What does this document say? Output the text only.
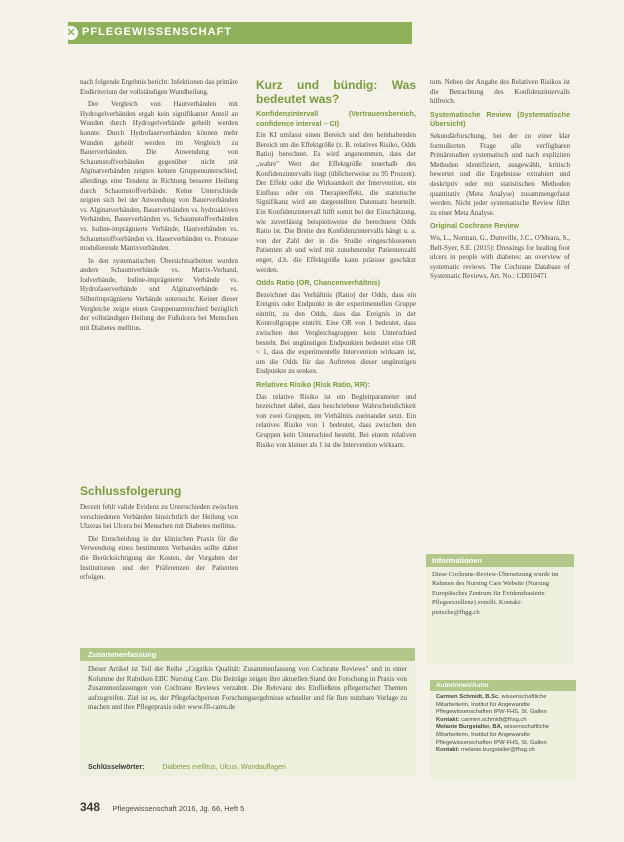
✕ PFLEGEWISSENSCHAFT

nach folgende Ergebnis bericht: Infektionen das primäre Endkriterium der vollständigen Wundheilung.

Der Vergleich von Hautverbänden mit Hydrogelverbänden ergab kein signifikanter Anteil an Wunden durch Hydrogelverbände geheilt werden konnte. Durch Hydrofaserverbänden können mehr Wunden geheilt werden im Vergleich zu Bauerverbänden. Die Anwendung von Schaumstoffverbänden gegenüber nicht mit Alginatverbänden zeigten keinen Gruppenunterschied, allerdings eine Tendenz in Richtung besserer Heilung durch Schaumstoffverbände. Keine Unterschiede zeigten sich bei der Anwendung von Bauerverbänden vs. Alginatverbänden, Bauerverbänden vs. hydroaktiven Verbänden, Bauerverbänden vs. Schaumstoffverbänden vs. Iodine-imprägnierte Verbände, Hautverbänden vs. Schaumstoffverbänden vs. Hauerverbänden vs. Protease modulierende Matrixverbänden.

In den systematischen Übersichtsarbeiten wurden andere Schaumverbände vs. Matrix-Verband, Iodverbände, Iodine-imprägnierte Verbände vs. Hydrofaserverbände und Alginatverbände vs. Silberimprägnierte Verbände untersucht. Keiner dieser Vergleiche zeigte einen Gruppenunterschied bezüglich der vollständigen Heilung der Fußulcera bei Menschen mit Diabetes mellitus.

Schlussfolgerung

Derzeit fehlt valide Evidenz zu Unterschieden zwischen verschiedenen Verbänden hinsichtlich der Heilung von Ulzeras bei Ulcera bei Menschen mit Diabetes mellitus.

Die Entscheidung in der klinischen Praxis für die Verwendung eines bestimmten Verbandes sollte daher die Berücksichtigung der Kosten, der Vorgaben der Institutionen und der Präferenzen der Patienten erfolgen.

Kurz und bündig: Was bedeutet was?

Konfidenzintervall (Vertrauensbereich, confidence interval – CI)

Ein KI umfasst einen Bereich und den beinhaltenden Bereich um die Effektgröße (z. B. relatives Risiko, Odds Ratio) berechnet. Es wird angenommen, dass der „wahre" Wert der Effektgröße innerhalb des Konfidenzintervalls liegt (üblicherweise zu 95 Prozent). Der Effekt oder die Wirksamkeit der Intervention, ein Einfluss oder ein Therapieeffekt, die statistische Signifikanz wird am dargestellten Datensatz beurteilt. Ein Konfidenzintervall hilft somit bei der Einschätzung, wie zuverlässig beispielsweise die berechnete Odds Ratio ist. Die Breite des Konfidenzintervalls hängt u. a. von der Zahl der in die Studie eingeschlossenen Patienten ab und wird mit zunehmender Patientenzahl enger, d.h. die Effektgröße kann präziser geschätzt werden.

Odds Ratio (OR, Chancenverhältnis)

Bezeichnet das Verhältnis (Ratio) der Odds, dass ein Ereignis oder Endpunkt in der experimentellen Gruppe eintritt, zu den Odds, dass das Ereignis in der Kontrollgruppe eintritt. Eine OR von 1 bedeutet, dass zwischen den Vergleichsgruppen kein Unterschied besteht. Bei ungünstigen Endpunkten bedeutet eine OR < 1, dass die experimentelle Intervention wirksam ist, um die Odds für das Auftreten dieser ungünstigen Endpunkte zu senken.

Relatives Risiko (Risk Ratio, RR):

Das relative Risiko ist ein Begleitparameter und bezeichnet dabei, dass beschriebene Wahrscheinlichkeit von zwei Gruppen, im Verhältnis zueinander setzt. Ein relatives Risiko von 1 bedeutet, dass zwischen den Gruppen kein Unterschied besteht. Bei einem relativen Risiko von kleiner als 1 ist die Intervention wirksam.

tum. Neben der Angabe des Relativen Risikos ist die Betrachtung des Konfidenzintervalls hilfreich.

Systematische Review (Systematische Übersicht)

Sekundärforschung, bei der zu einer klar formulierten Frage alle verfügbaren Primärstudien systematisch und nach expliziten Methoden identifiziert, ausgewählt, kritisch bewertet und die Ergebnisse extrahiert und deskriptiv oder mit statistischen Methoden quantitativ (Meta Analyse) zusammengefasst werden. Nicht jeder systematische Review führt zu einer Meta Analyse.

Original Cochrane Review

Wu, L., Norman, G., Dumville, J.C., O'Meara, S., Bell-Syer, S.E. (2015): Dressings for healing foot ulcers in people with diabetes: an overview of systematic reviews. The Cochrane Database of Systematic Reviews, Art. No.: CD010471

Informationen
Diese Cochrane-Review-Übersetzung wurde im Rahmen des Nursing Care Website (Nursing Europäisches Zentrum für Evidenzbasierte Pflegeexzellenz) erstellt. Kontakt: pietsche@fhgg.ch
Zusammenfassung
Dieser Artikel ist Teil der Reihe „Cegzikis Qualität: Zusammenfassung von Cochrane Reviews" und in einer Kolumne der Rubriken EBC Nursing Care. Die Beiträge zeigen ihre aktuellen Stand der Forschung in Praxis von Zusammenfassungen von Cochrane Reviews verzahnt. Die Relevanz des Einfließens pflegerischer Themen aufzugreifen. Ziel ist es, der Pflegefachperson Forschungsergebnisse schneller und für Ihre nutzbare Vorlage zu machen und ihre Pflegepraxis oder www.fll-cares.de
Schlüsselwörter:	Diabetes mellitus, Ulcus, Wundauflagen
Autorinnen/Autor
Carmen Schmidt, B.Sc. wissenschaftliche Mitarbeiterin, Institut für Angewandte Pflegewissenschaften IPW-FHS, St. Gallen
Kontakt: carmen.schmidt@fhsg.ch
Melanie Burgstaller, BA, wissenschaftliche Mitarbeiterin, Institut für Angewandte Pflegewissenschaften IPW-FHS, St. Gallen
Kontakt: melanie.burgstaller@fhsg.ch
348 Pflegewissenschaft 2016, Jg. 66, Heft 5
